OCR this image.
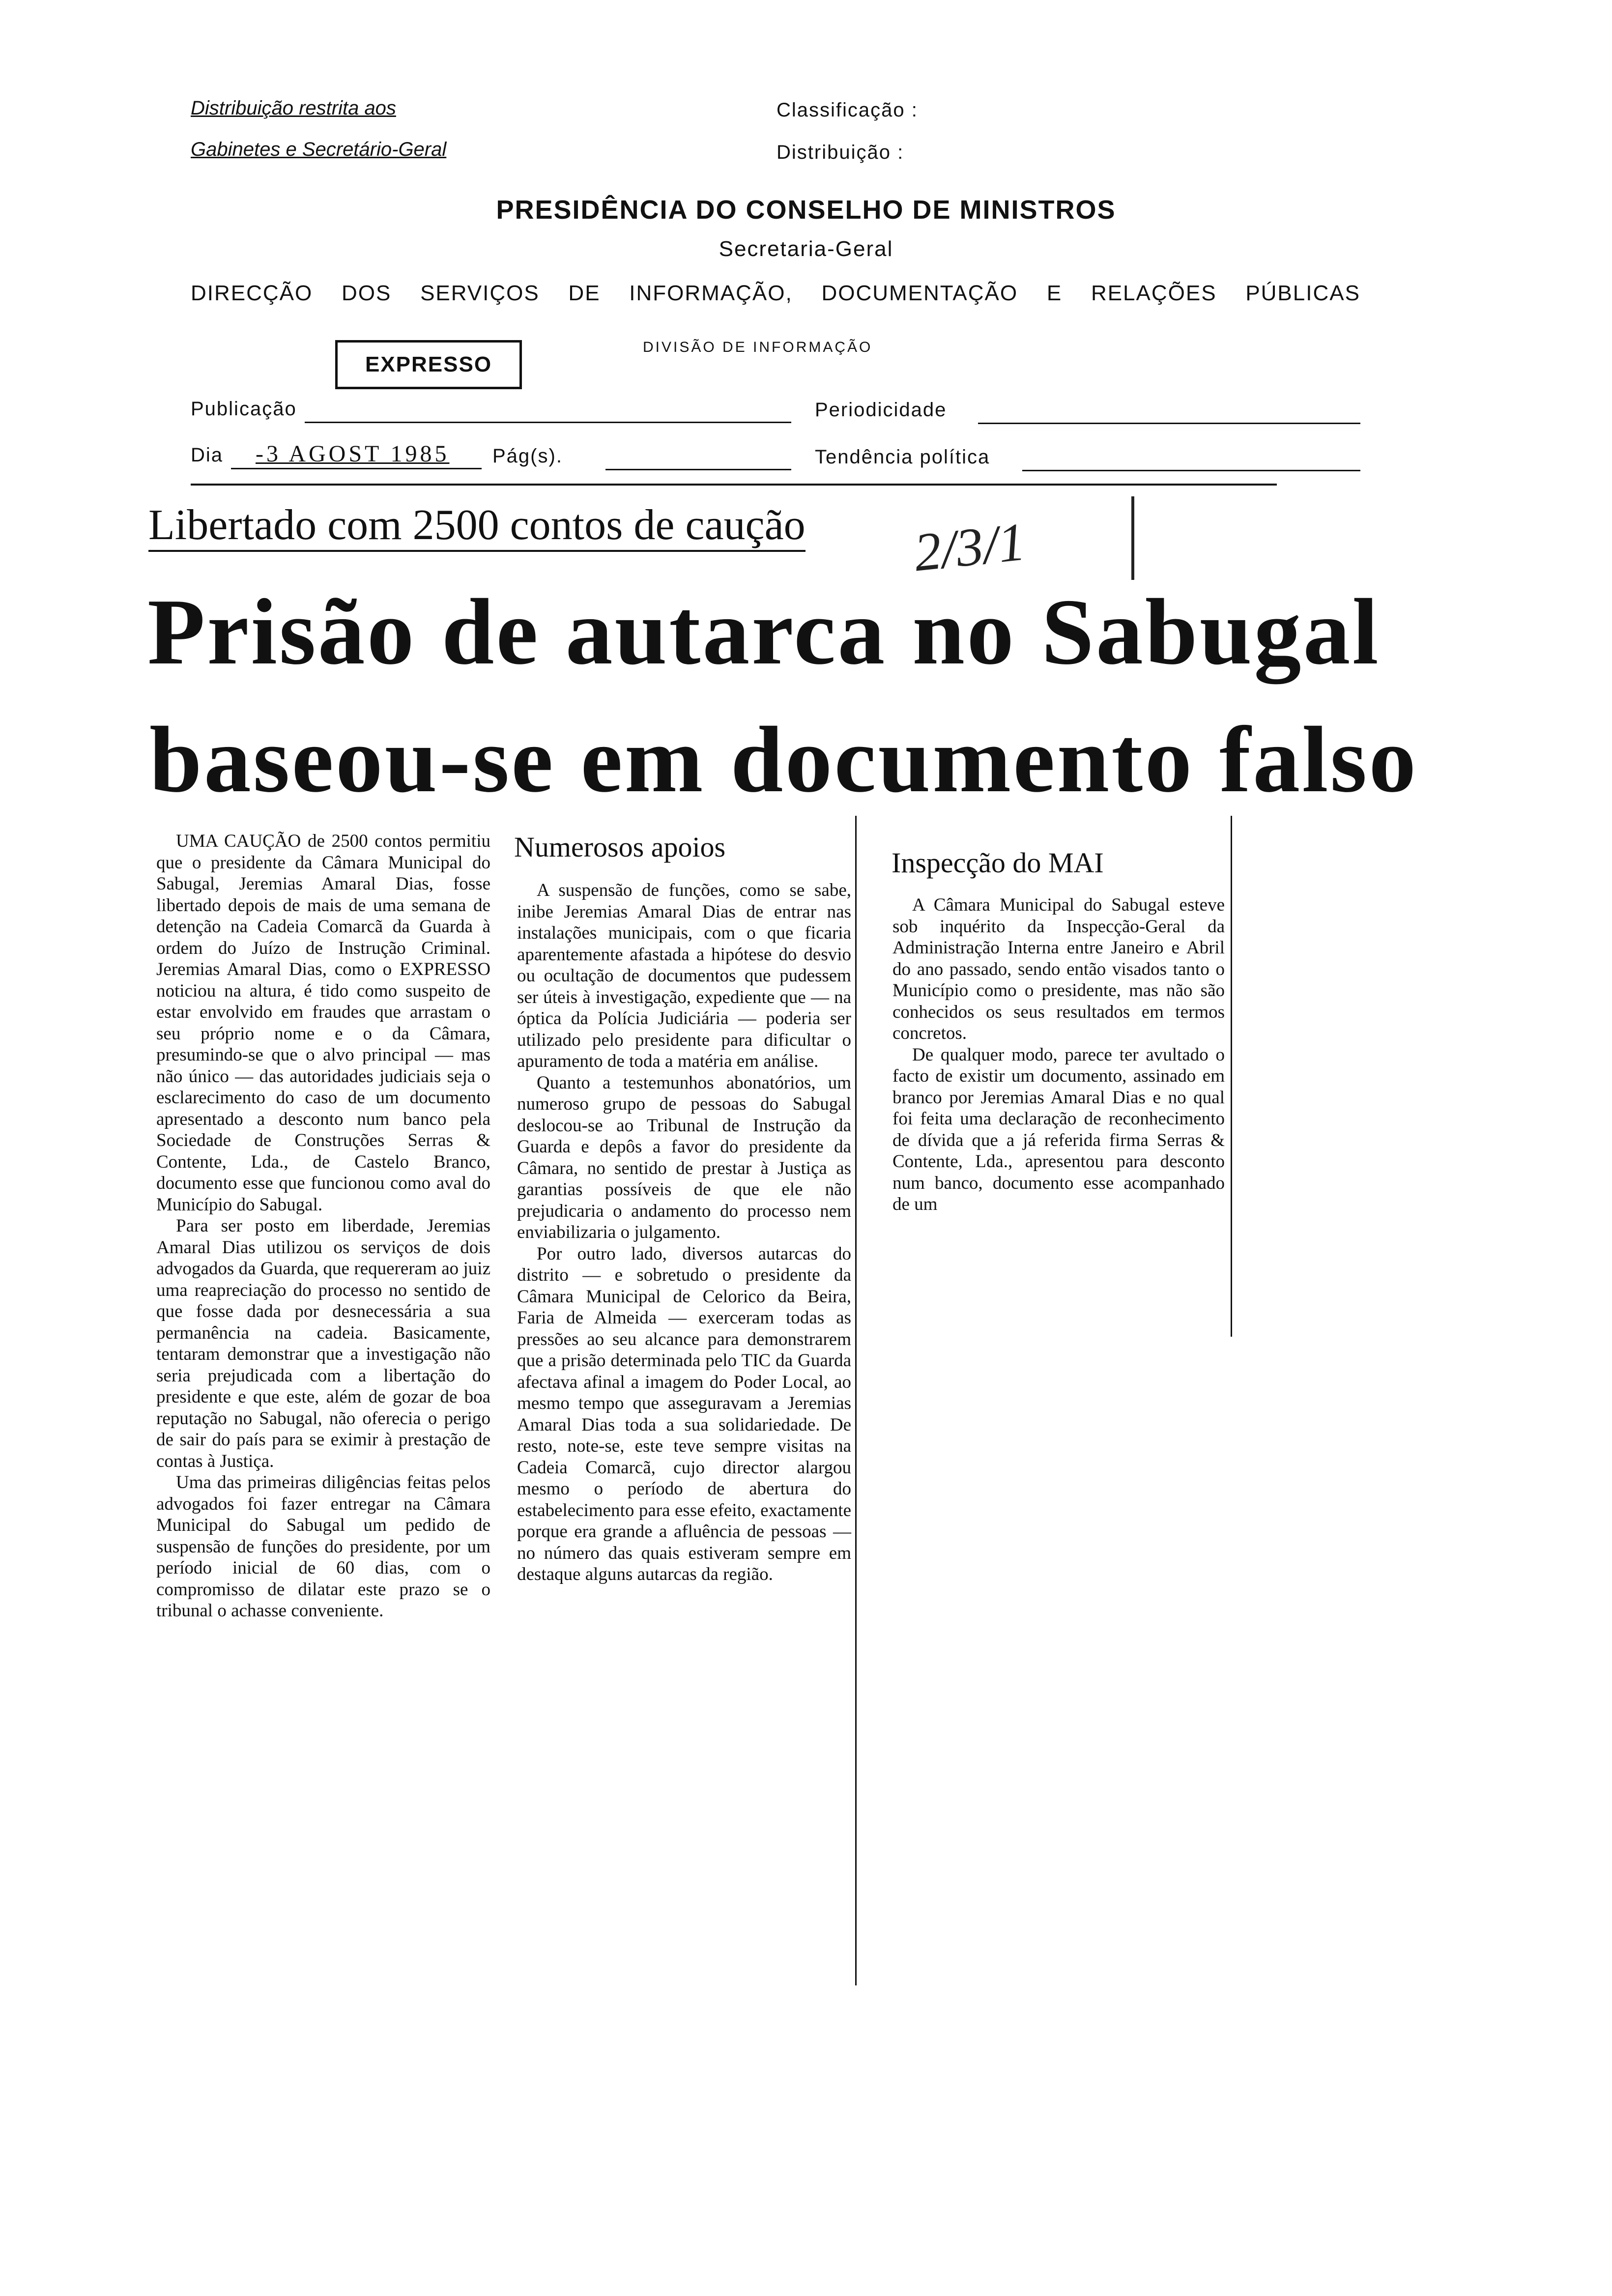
Distribuição restrita aos
Gabinetes e Secretário-Geral
Classificação :
Distribuição :
PRESIDÊNCIA DO CONSELHO DE MINISTROS
Secretaria-Geral
DIRECÇÃO DOS SERVIÇOS DE INFORMAÇÃO, DOCUMENTAÇÃO E RELAÇÕES PÚBLICAS
EXPRESSO
DIVISÃO DE INFORMAÇÃO
Publicação	Periodicidade
Dia -3 AGOST 1985 Pág(s).	Tendência política
Libertado com 2500 contos de caução 2/3/1
Prisão de autarca no Sabugal
baseou-se em documento falso

UMA CAUÇÃO de 2500 contos permitiu que o presidente da Câmara Municipal do Sabugal, Jeremias Amaral Dias, fosse libertado depois de mais de uma semana de detenção na Cadeia Comarcã da Guarda à ordem do Juízo de Instrução Criminal. Jeremias Amaral Dias, como o EXPRESSO noticiou na altura, é tido como suspeito de estar envolvido em fraudes que arrastam o seu próprio nome e o da Câmara, presumindo-se que o alvo principal — mas não único — das autoridades judiciais seja o esclarecimento do caso de um documento apresentado a desconto num banco pela Sociedade de Construções Serras & Contente, Lda., de Castelo Branco, documento esse que funcionou como aval do Município do Sabugal.

Para ser posto em liberdade, Jeremias Amaral Dias utilizou os serviços de dois advogados da Guarda, que requereram ao juiz uma reapreciação do processo no sentido de que fosse dada por desnecessária a sua permanência na cadeia. Basicamente, tentaram demonstrar que a investigação não seria prejudicada com a libertação do presidente e que este, além de gozar de boa reputação no Sabugal, não oferecia o perigo de sair do país para se eximir à prestação de contas à Justiça.

Uma das primeiras diligências feitas pelos advogados foi fazer entregar na Câmara Municipal do Sabugal um pedido de suspensão de funções do presidente, por um período inicial de 60 dias, com o compromisso de dilatar este prazo se o tribunal o achasse conveniente.

Numerosos apoios

A suspensão de funções, como se sabe, inibe Jeremias Amaral Dias de entrar nas instalações municipais, com o que ficaria aparentemente afastada a hipótese do desvio ou ocultação de documentos que pudessem ser úteis à investigação, expediente que — na óptica da Polícia Judiciária — poderia ser utilizado pelo presidente para dificultar o apuramento de toda a matéria em análise.

Quanto a testemunhos abonatórios, um numeroso grupo de pessoas do Sabugal deslocou-se ao Tribunal de Instrução da Guarda e depôs a favor do presidente da Câmara, no sentido de prestar à Justiça as garantias possíveis de que ele não prejudicaria o andamento do processo nem enviabilizaria o julgamento.

Por outro lado, diversos autarcas do distrito — e sobretudo o presidente da Câmara Municipal de Celorico da Beira, Faria de Almeida — exerceram todas as pressões ao seu alcance para demonstrarem que a prisão determinada pelo TIC da Guarda afectava afinal a imagem do Poder Local, ao mesmo tempo que asseguravam a Jeremias Amaral Dias toda a sua solidariedade. De resto, note-se, este teve sempre visitas na Cadeia Comarcã, cujo director alargou mesmo o período de abertura do estabelecimento para esse efeito, exactamente porque era grande a afluência de pessoas — no número das quais estiveram sempre em destaque alguns autarcas da região.

Inspecção do MAI

A Câmara Municipal do Sabugal esteve sob inquérito da Inspecção-Geral da Administração Interna entre Janeiro e Abril do ano passado, sendo então visados tanto o Município como o presidente, mas não são conhecidos os seus resultados em termos concretos.

De qualquer modo, parece ter avultado o facto de existir um documento, assinado em branco por Jeremias Amaral Dias e no qual foi feita uma declaração de reconhecimento de dívida que a já referida firma Serras & Contente, Lda., apresentou para desconto num banco, documento esse acompanhado de um
